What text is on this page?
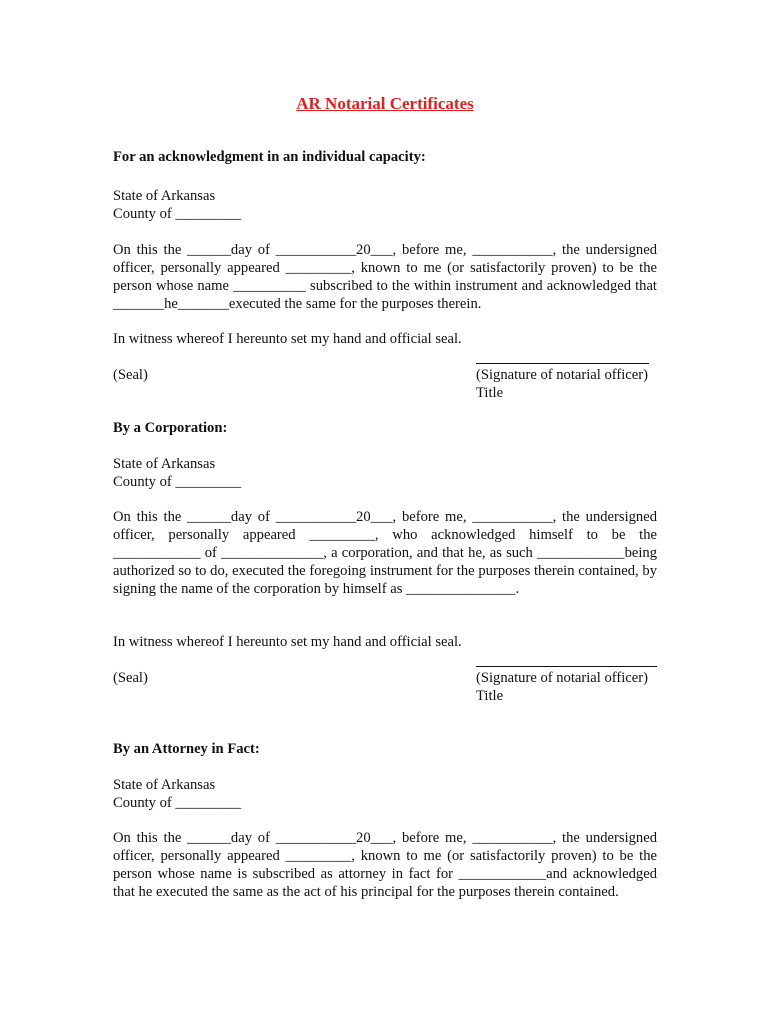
AR Notarial Certificates

For an acknowledgment in an individual capacity:

State of Arkansas
County of _________

On this the ______day of ___________20___, before me, ___________, the undersigned officer, personally appeared _________, known to me (or satisfactorily proven) to be the person whose name __________ subscribed to the within instrument and acknowledged that _______he_______executed the same for the purposes therein.

In witness whereof I hereunto set my hand and official seal.

(Seal)	(Signature of notarial officer)
Title

By a Corporation:

State of Arkansas
County of _________

On this the ______day of ___________20___, before me, ___________, the undersigned officer, personally appeared _________, who acknowledged himself to be the ____________ of ______________, a corporation, and that he, as such ____________being authorized so to do, executed the foregoing instrument for the purposes therein contained, by signing the name of the corporation by himself as _______________.

In witness whereof I hereunto set my hand and official seal.

(Seal)	(Signature of notarial officer)
Title

By an Attorney in Fact:

State of Arkansas
County of _________

On this the ______day of ___________20___, before me, ___________, the undersigned officer, personally appeared _________, known to me (or satisfactorily proven) to be the person whose name is subscribed as attorney in fact for ____________and acknowledged that he executed the same as the act of his principal for the purposes therein contained.
